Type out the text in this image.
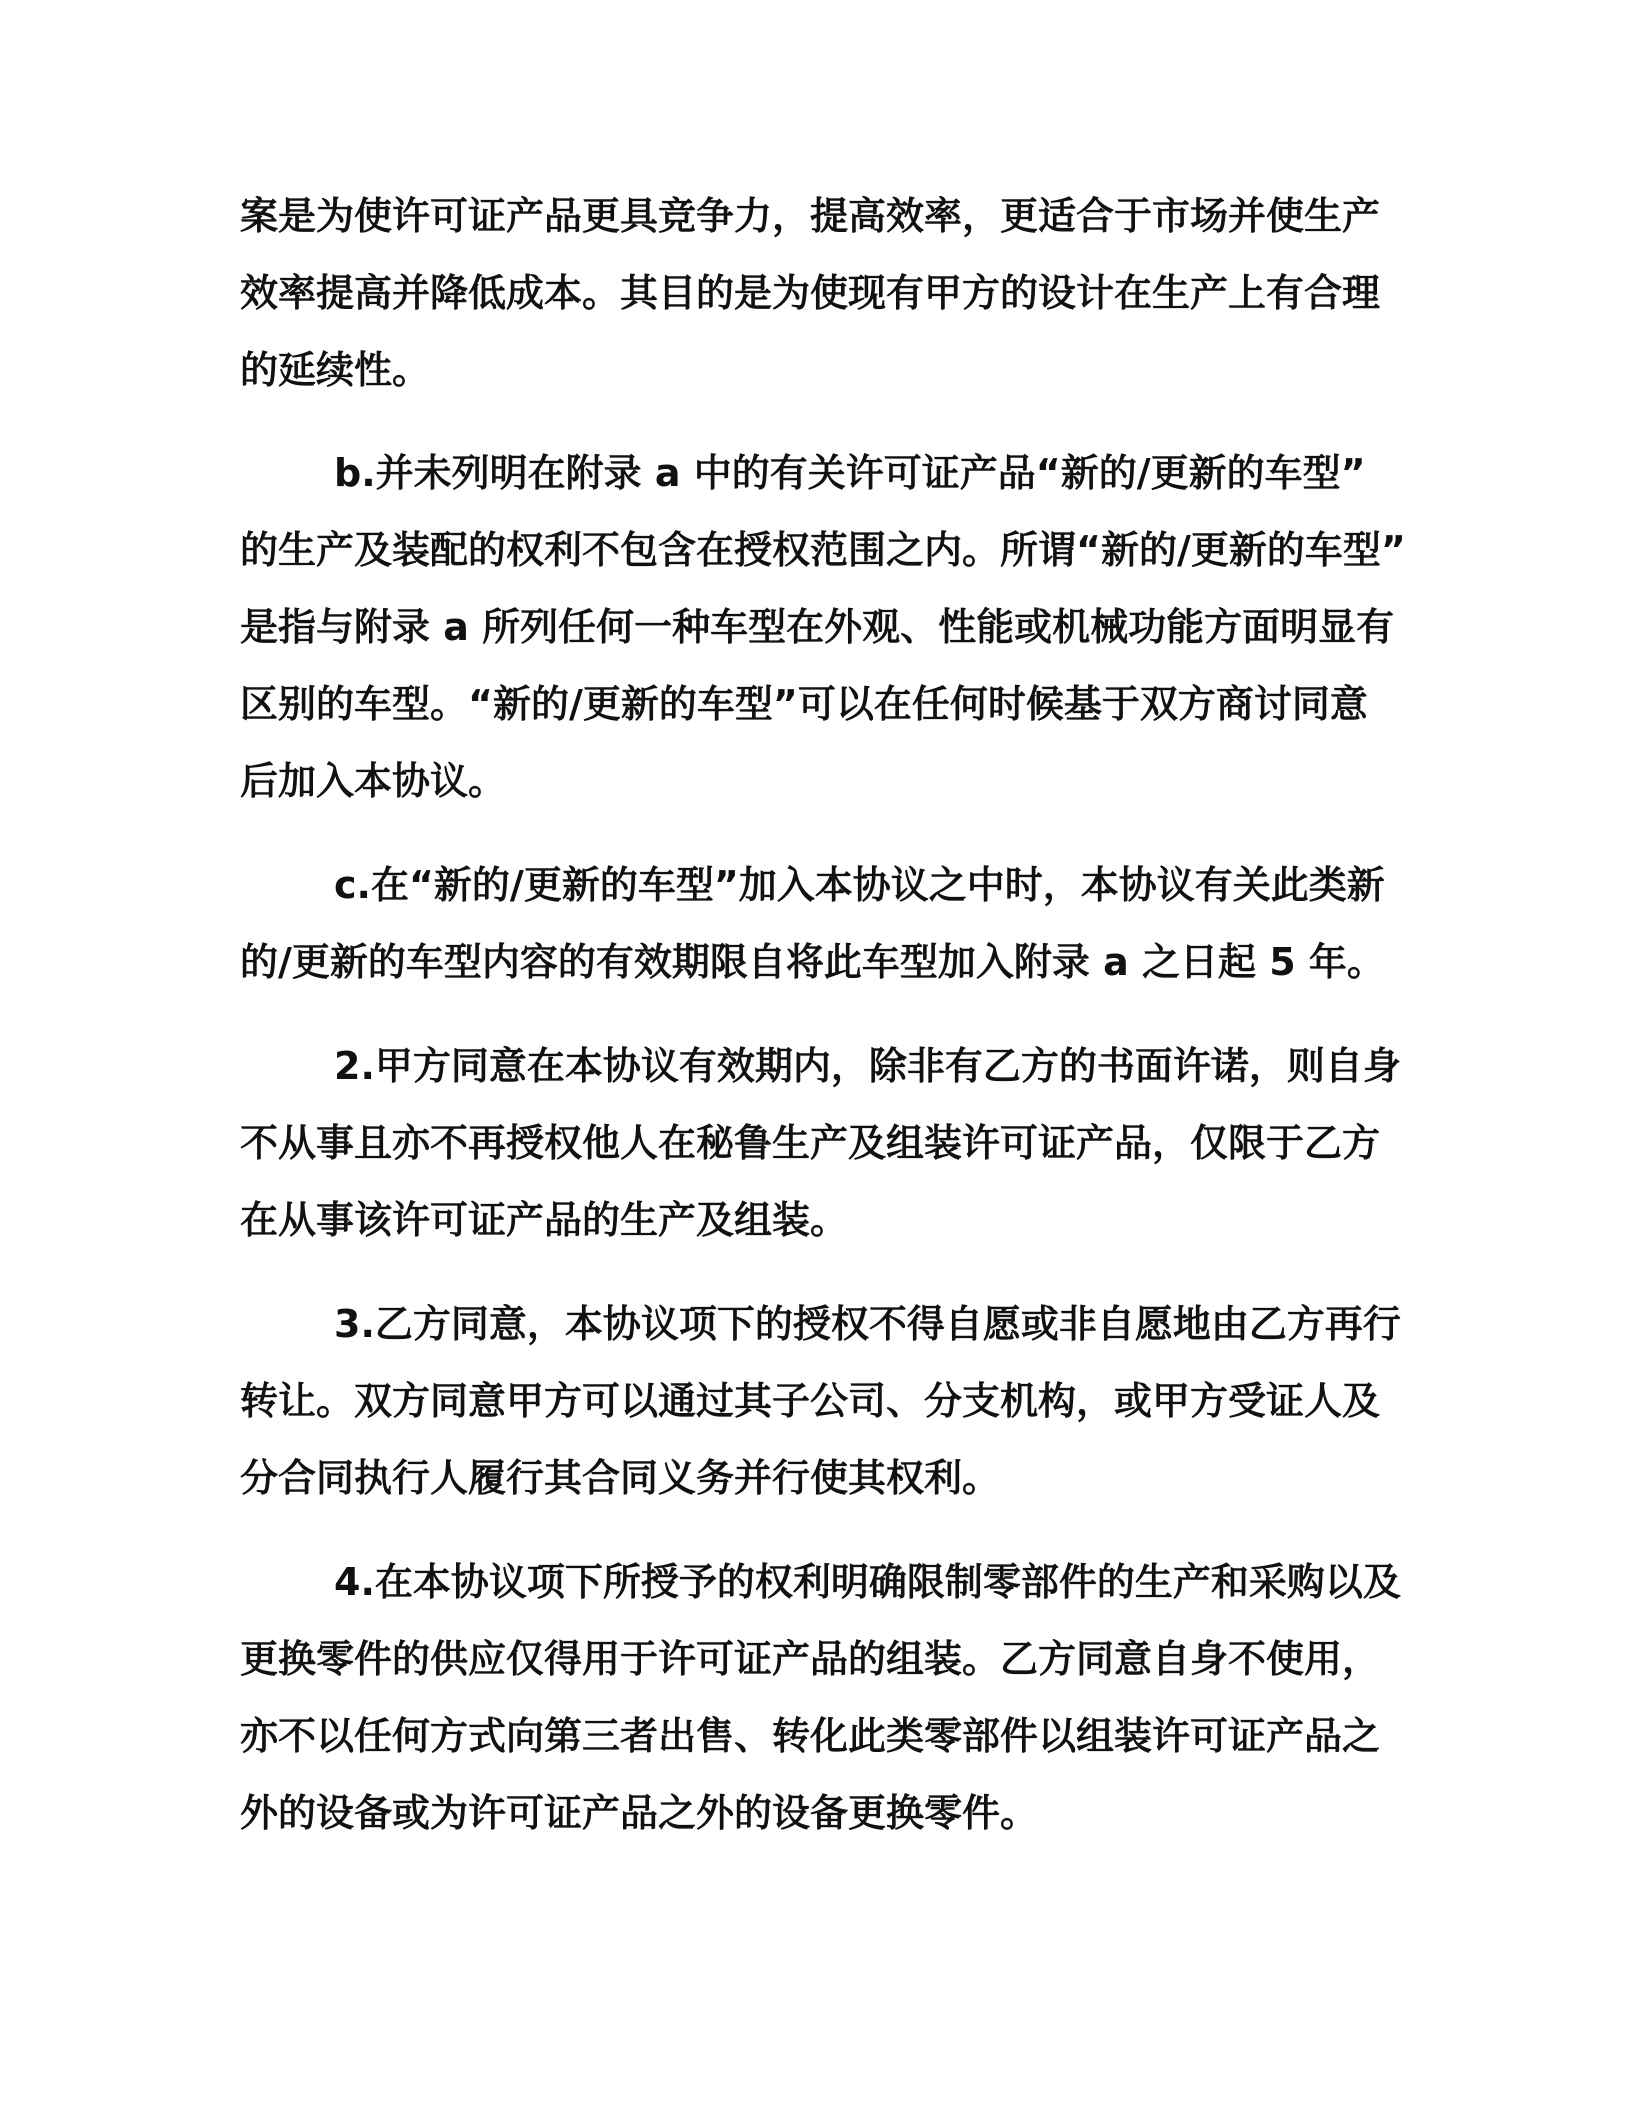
案是为使许可证产品更具竞争力，提高效率，更适合于市场并使生产

效率提高并降低成本。其目的是为使现有甲方的设计在生产上有合理

的延续性。

b.并未列明在附录 a 中的有关许可证产品“新的/更新的车型”

的生产及装配的权利不包含在授权范围之内。所谓“新的/更新的车型”

是指与附录 a 所列任何一种车型在外观、性能或机械功能方面明显有

区别的车型。“新的/更新的车型”可以在任何时候基于双方商讨同意

后加入本协议。

c.在“新的/更新的车型”加入本协议之中时，本协议有关此类新

的/更新的车型内容的有效期限自将此车型加入附录 a 之日起 5 年。

2.甲方同意在本协议有效期内，除非有乙方的书面许诺，则自身

不从事且亦不再授权他人在秘鲁生产及组装许可证产品，仅限于乙方

在从事该许可证产品的生产及组装。

3.乙方同意，本协议项下的授权不得自愿或非自愿地由乙方再行

转让。双方同意甲方可以通过其子公司、分支机构，或甲方受证人及

分合同执行人履行其合同义务并行使其权利。

4.在本协议项下所授予的权利明确限制零部件的生产和采购以及

更换零件的供应仅得用于许可证产品的组装。乙方同意自身不使用，

亦不以任何方式向第三者出售、转化此类零部件以组装许可证产品之

外的设备或为许可证产品之外的设备更换零件。
